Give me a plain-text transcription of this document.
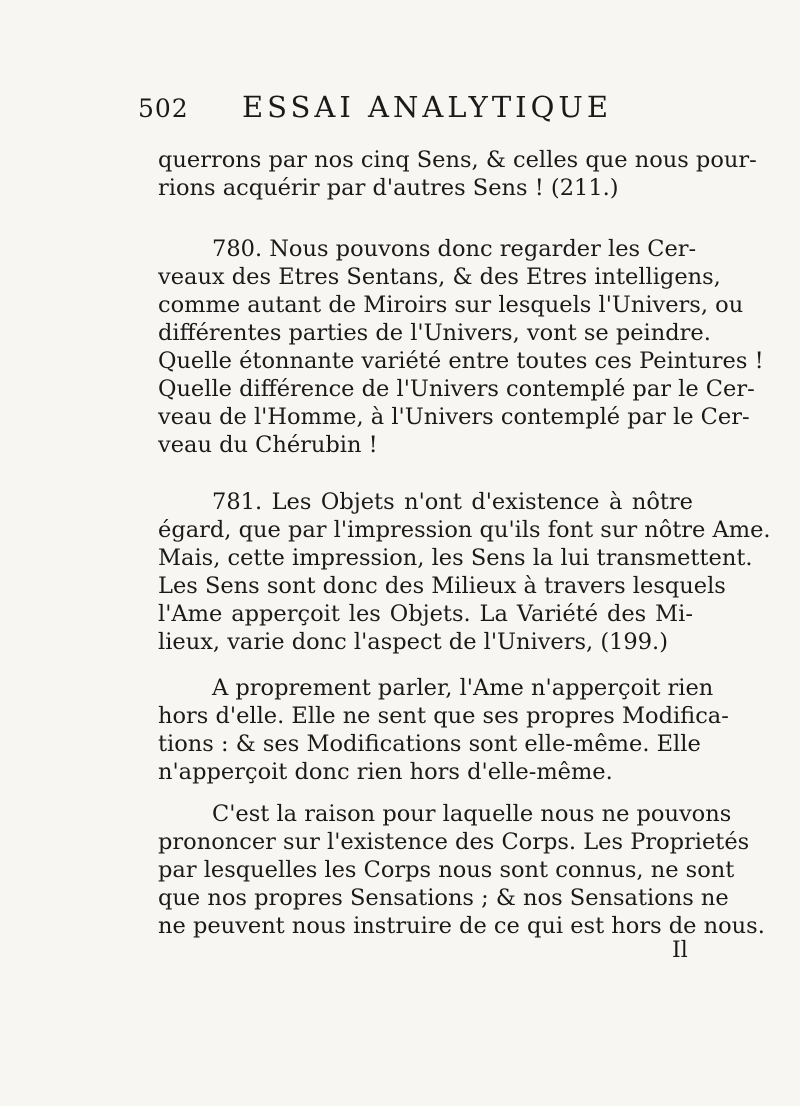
502 ESSAI ANALYTIQUE
querrons par nos cinq Sens, & celles que nous pour-
rions acquérir par d'autres Sens ! (211.)
780. Nous pouvons donc regarder les Cer-
veaux des Etres Sentans, & des Etres intelligens,
comme autant de Miroirs sur lesquels l'Univers, ou
différentes parties de l'Univers, vont se peindre.
Quelle étonnante variété entre toutes ces Peintures !
Quelle différence de l'Univers contemplé par le Cer-
veau de l'Homme, à l'Univers contemplé par le Cer-
veau du Chérubin !
781. Les Objets n'ont d'existence à nôtre
égard, que par l'impression qu'ils font sur nôtre Ame.
Mais, cette impression, les Sens la lui transmettent.
Les Sens sont donc des Milieux à travers lesquels
l'Ame apperçoit les Objets. La Variété des Mi-
lieux, varie donc l'aspect de l'Univers, (199.)
A proprement parler, l'Ame n'apperçoit rien
hors d'elle. Elle ne sent que ses propres Modifica-
tions : & ses Modifications sont elle-même. Elle
n'apperçoit donc rien hors d'elle-même.
C'est la raison pour laquelle nous ne pouvons
prononcer sur l'existence des Corps. Les Proprietés
par lesquelles les Corps nous sont connus, ne sont
que nos propres Sensations ; & nos Sensations ne
ne peuvent nous instruire de ce qui est hors de nous.
Il
